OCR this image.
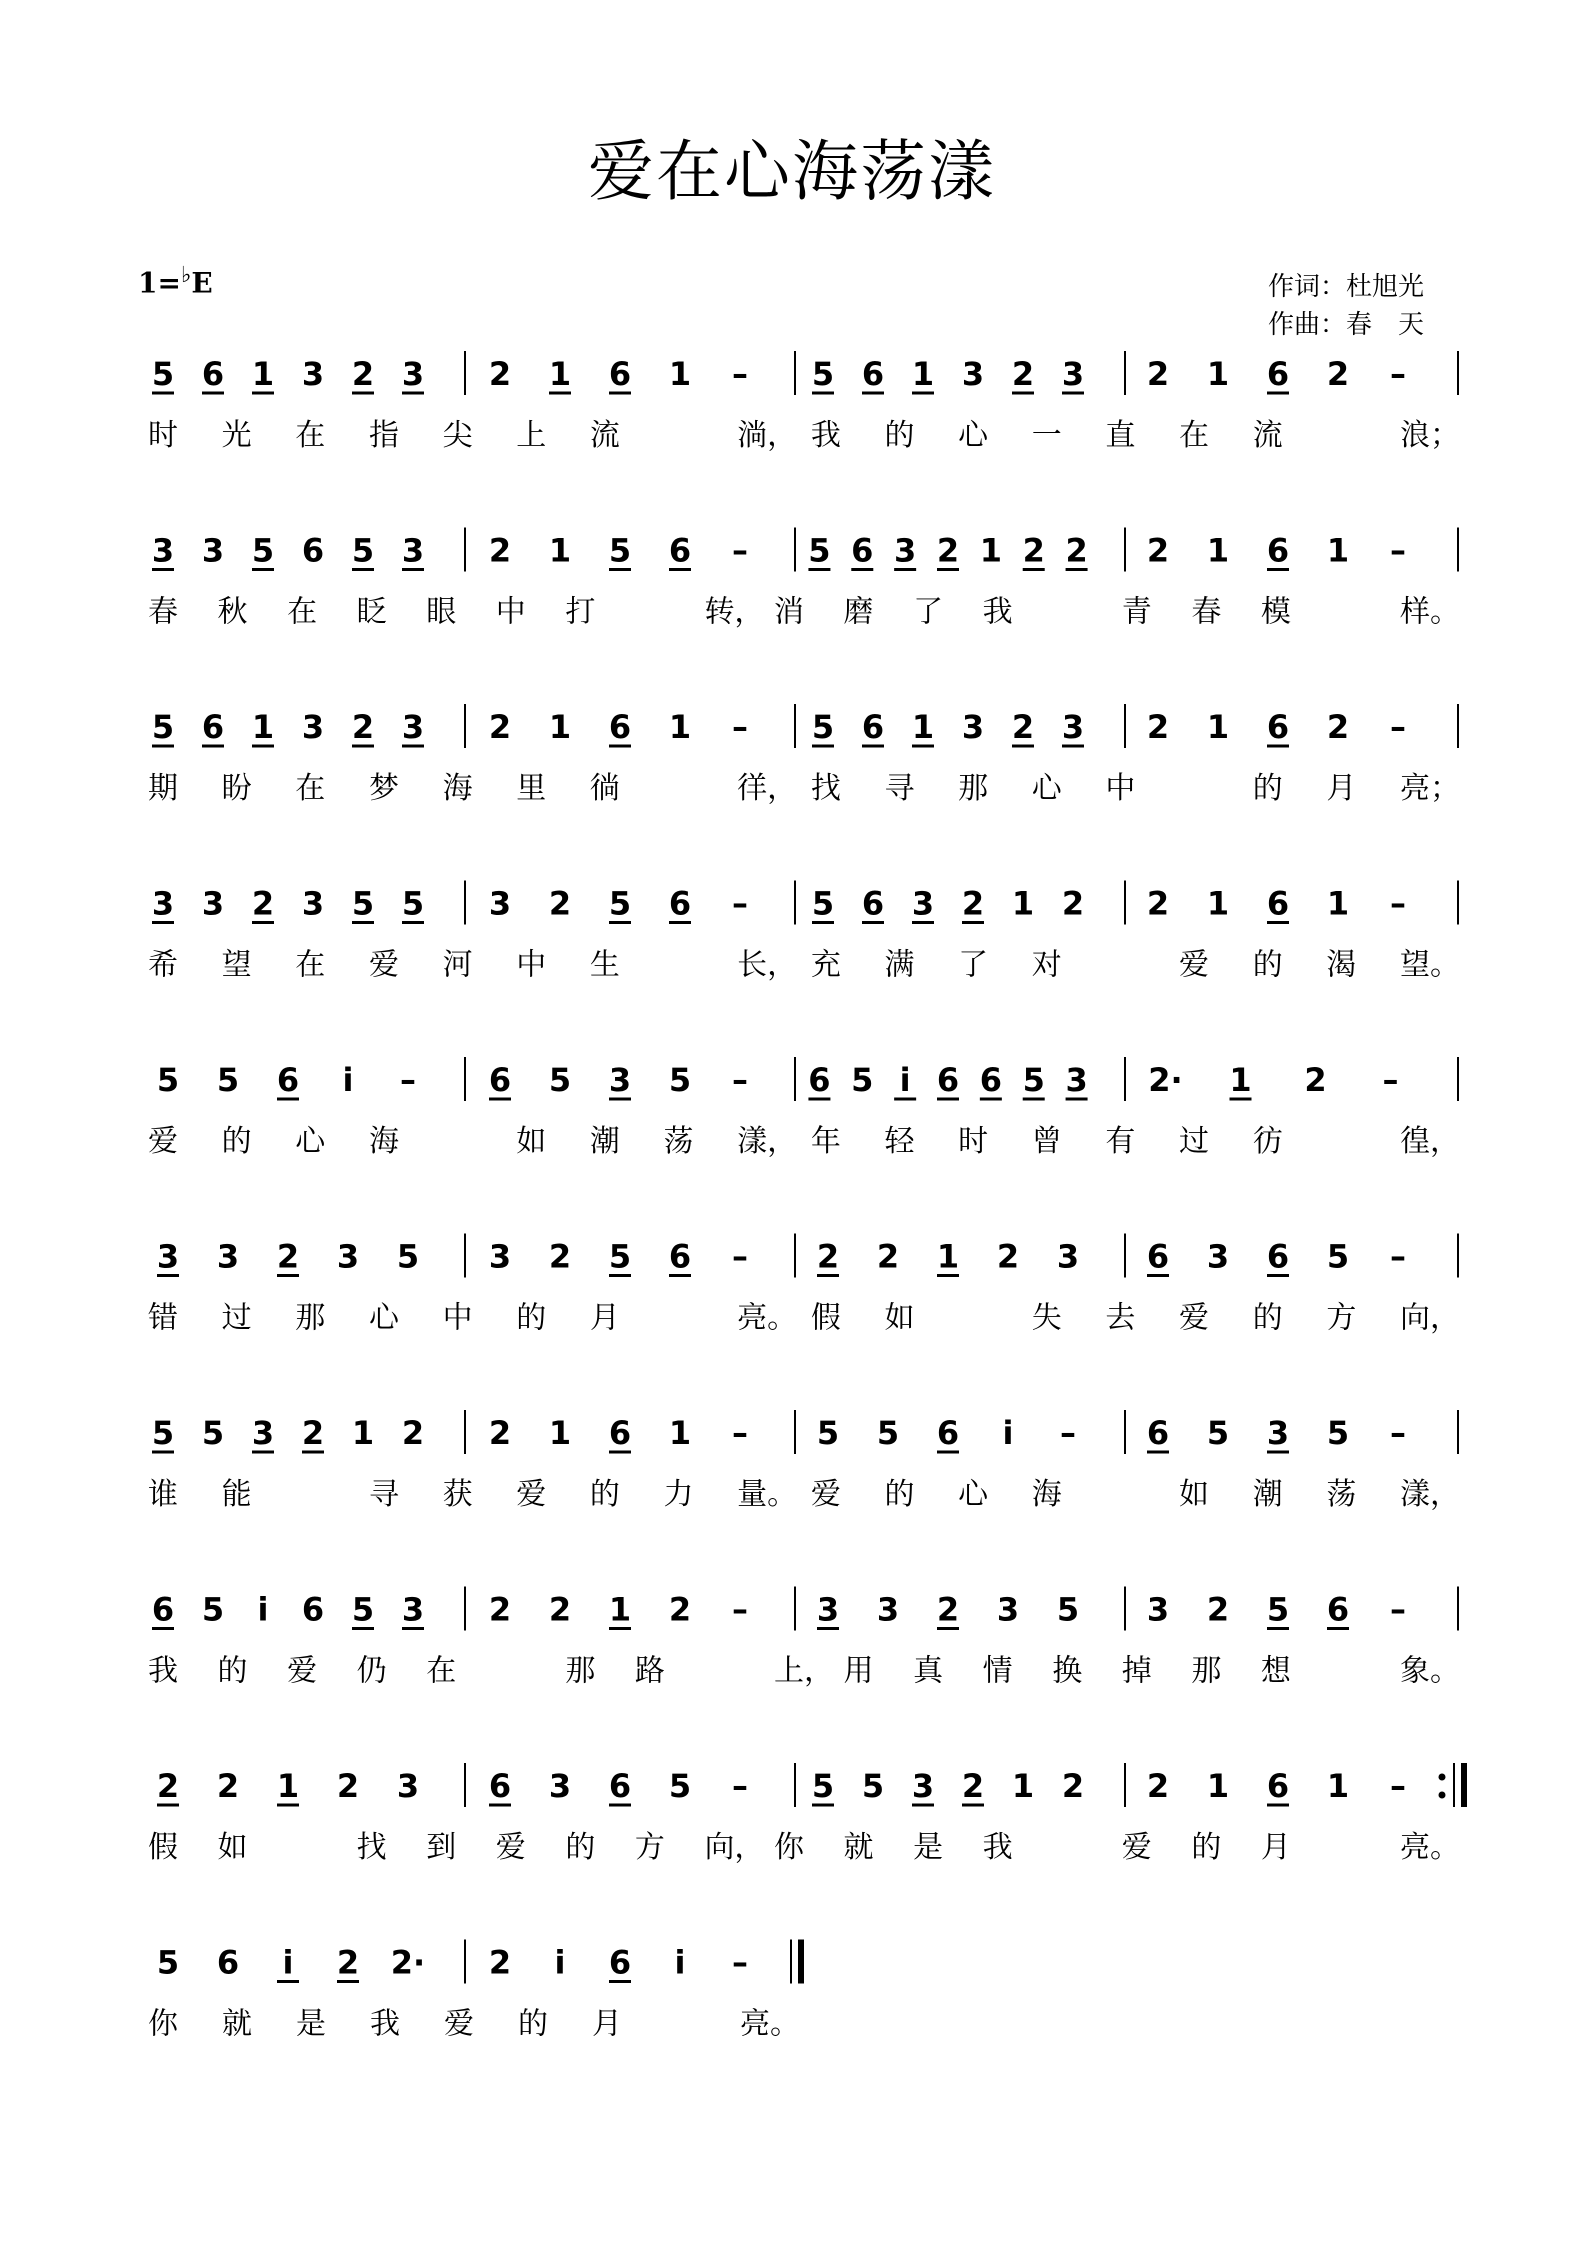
爱在心海荡漾
1=♭E	作词：杜旭光
作曲：春　天
5 6 1 3 2 3 2 1 6 1 – 5 6 1 3 2 3 2 1 6 2 –
时 光 在 指 尖 上 流	淌， 我 的 心 一 直 在 流	浪；
3 3 5 6 5 3 2 1 5 6 – 5 6 3 2 1 2 2 2 1 6 1 –
春 秋 在 眨 眼 中 打	转， 消 磨 了 我	青 春 模	样。
5 6 1 3 2 3 2 1 6 1 – 5 6 1 3 2 3 2 1 6 2 –
期 盼 在 梦 海 里 徜	徉， 找 寻 那 心 中	的 月 亮；
3 3 2 3 5 5 3 2 5 6 – 5 6 3 2 1 2 2 1 6 1 –
希 望 在 爱 河 中 生	长， 充 满 了 对	爱 的 渴 望。
5 5 6 i – 6 5 3 5 – 6 5 i 6 6 5 3 2· 1 2 –
爱 的 心 海	如 潮 荡 漾， 年 轻 时 曾 有 过 彷	徨，
3 3 2 3 5 3 2 5 6 – 2 2 1 2 3 6 3 6 5 –
错 过 那 心 中 的 月	亮。 假 如	失 去 爱 的 方 向，
5 5 3 2 1 2 2 1 6 1 – 5 5 6 i – 6 5 3 5 –
谁 能	寻 获 爱 的 力 量。 爱 的 心 海	如 潮 荡 漾，
6 5 i 6 5 3 2 2 1 2 – 3 3 2 3 5 3 2 5 6 –
我 的 爱 仍 在	那 路	上， 用 真 情 换 掉 那 想	象。
2 2 1 2 3 6 3 6 5 – 5 5 3 2 1 2 2 1 6 1 –
假 如	找 到 爱 的 方 向， 你 就 是 我	爱 的 月	亮。
5 6 i 2 2· 2 i 6 i –
你 就 是 我 爱 的 月	亮。
